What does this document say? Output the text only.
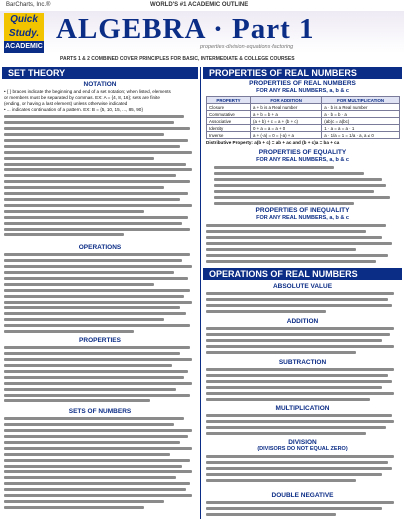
BarCharts, Inc.®	WORLD'S #1 ACADEMIC OUTLINE
Quick
Study.
ACADEMIC
ALGEBRA · Part 1
properties·division·equations·factoring
PARTS 1 & 2 COMBINED COVER PRINCIPLES FOR BASIC, INTERMEDIATE & COLLEGE COURSES
SET THEORY
NOTATION
• { } braces indicate the beginning and end of a set notation; when listed, elements
or members must be separated by commas. EX: A = {4, 8, 16}; sets are finite
(ending, or having a last element) unless otherwise indicated
• ... indicates continuation of a pattern. EX: B = {5, 10, 15, ..., 85, 90}
OPERATIONS
PROPERTIES
SETS OF NUMBERS
PROPERTIES OF REAL NUMBERS
PROPERTIES OF REAL NUMBERS
FOR ANY REAL NUMBERS, a, b & c
PROPERTY	FOR ADDITION	FOR MULTIPLICATION
Closure	a + b is a Real number	a · b is a Real number
Commutative	a + b = b + a	a · b = b · a
Associative	(a + b) + c = a + (b + c)	(ab)c = a(bc)
Identity	0 + a = a = a + 0	1 · a = a = a · 1
Inverse	a + (-a) = 0 = (-a) + a	a · 1/a = 1 = 1/a · a, a ≠ 0
Distributive Property: a(b + c) = ab + ac and (b + c)a = ba + ca
PROPERTIES OF EQUALITY
FOR ANY REAL NUMBERS, a, b & c
PROPERTIES OF INEQUALITY
FOR ANY REAL NUMBERS, a, b & c
OPERATIONS OF REAL NUMBERS
ABSOLUTE VALUE
ADDITION
SUBTRACTION
MULTIPLICATION
DIVISION
(DIVISORS DO NOT EQUAL ZERO)
DOUBLE NEGATIVE
